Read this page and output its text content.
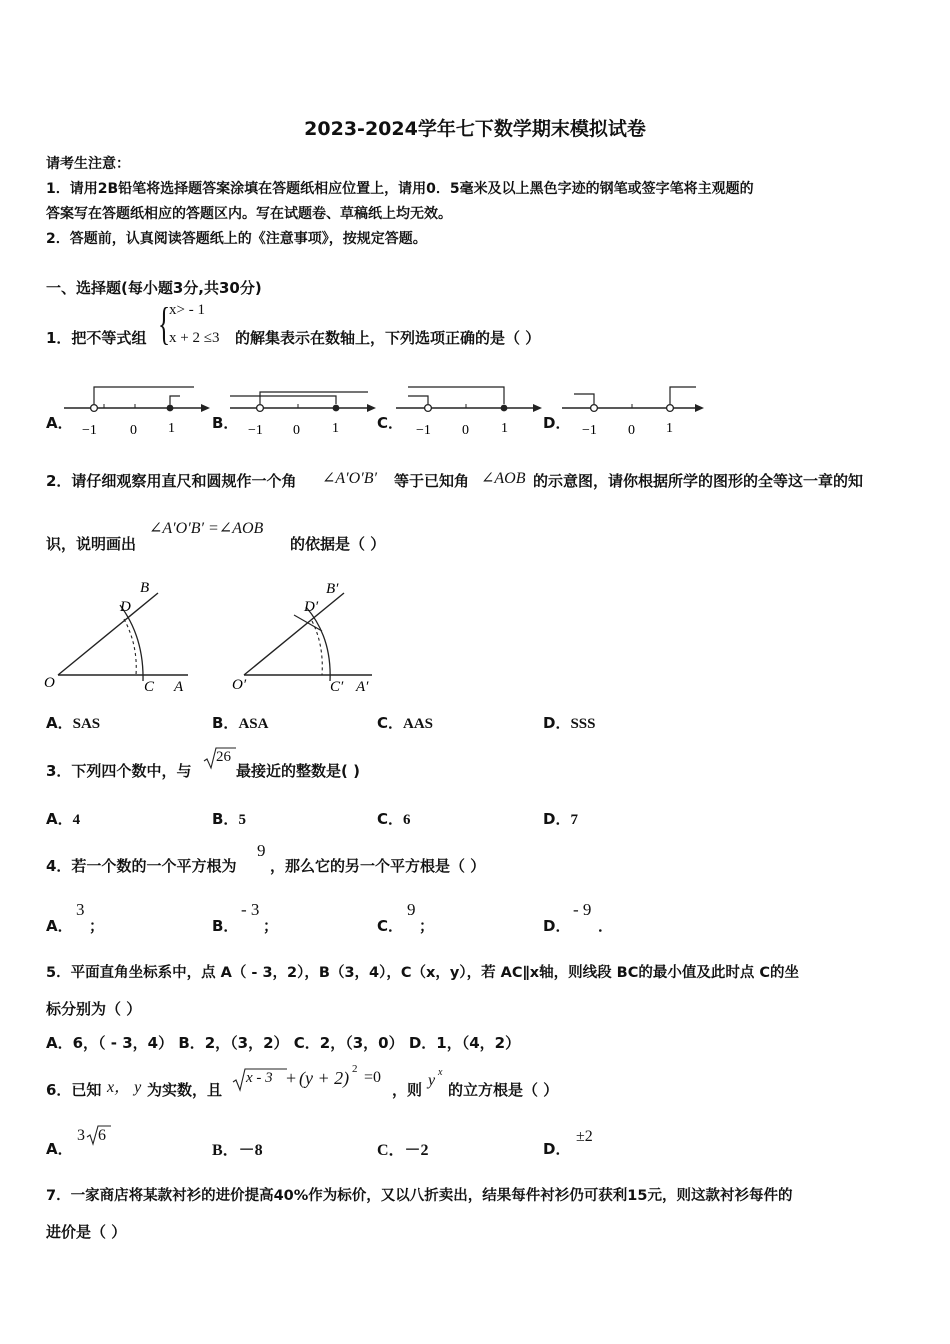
2023-2024学年七下数学期末模拟试卷
请考生注意：
1．请用2B铅笔将选择题答案涂填在答题纸相应位置上，请用0．5毫米及以上黑色字迹的钢笔或签字笔将主观题的
答案写在答题纸相应的答题区内。写在试题卷、草稿纸上均无效。
2．答题前，认真阅读答题纸上的《注意事项》，按规定答题。
一、选择题(每小题3分,共30分)
1．把不等式组 {
x> - 1
x + 2 ≤3 的解集表示在数轴上，下列选项正确的是（ ）
A． −1 0 1 B． −1 0 1	C． −1 0 1 D． −1 0 1
2．请仔细观察用直尺和圆规作一个角 ∠A′O′B′ 等于已知角 ∠AOB 的示意图，请你根据所学的图形的全等这一章的知
识，说明画出
∠A′O′B′ =∠AOB
的依据是（ ）
O	C A
B
D
O′	C′ A′
B′
D′
A．SAS	B．ASA	C．AAS	D．SSS
3．下列四个数中，与
26
最接近的整数是( )
A．4	B．5	C．6	D．7
4．若一个数的一个平方根为
9
，那么它的另一个平方根是（ ）
A．
3
；	B．
- 3
；	C．
9
；	D．
- 9
．
5．平面直角坐标系中，点 A（ - 3，2），B（3，4），C（x，y），若 AC∥x轴，则线段 BC的最小值及此时点 C的坐
标分别为（ ）
A．6，（ - 3，4） B．2，（3，2） C．2，（3，0） D．1，（4，2）
6．已知 x， y 为实数，且
x - 3 + (y + 2) 2 =0
，则
y x
的立方根是（ ）
A．
3 6
B．－8	C．－2	D．
±2
7．一家商店将某款衬衫的进价提高40%作为标价，又以八折卖出，结果每件衬衫仍可获利15元，则这款衬衫每件的
进价是（ ）
